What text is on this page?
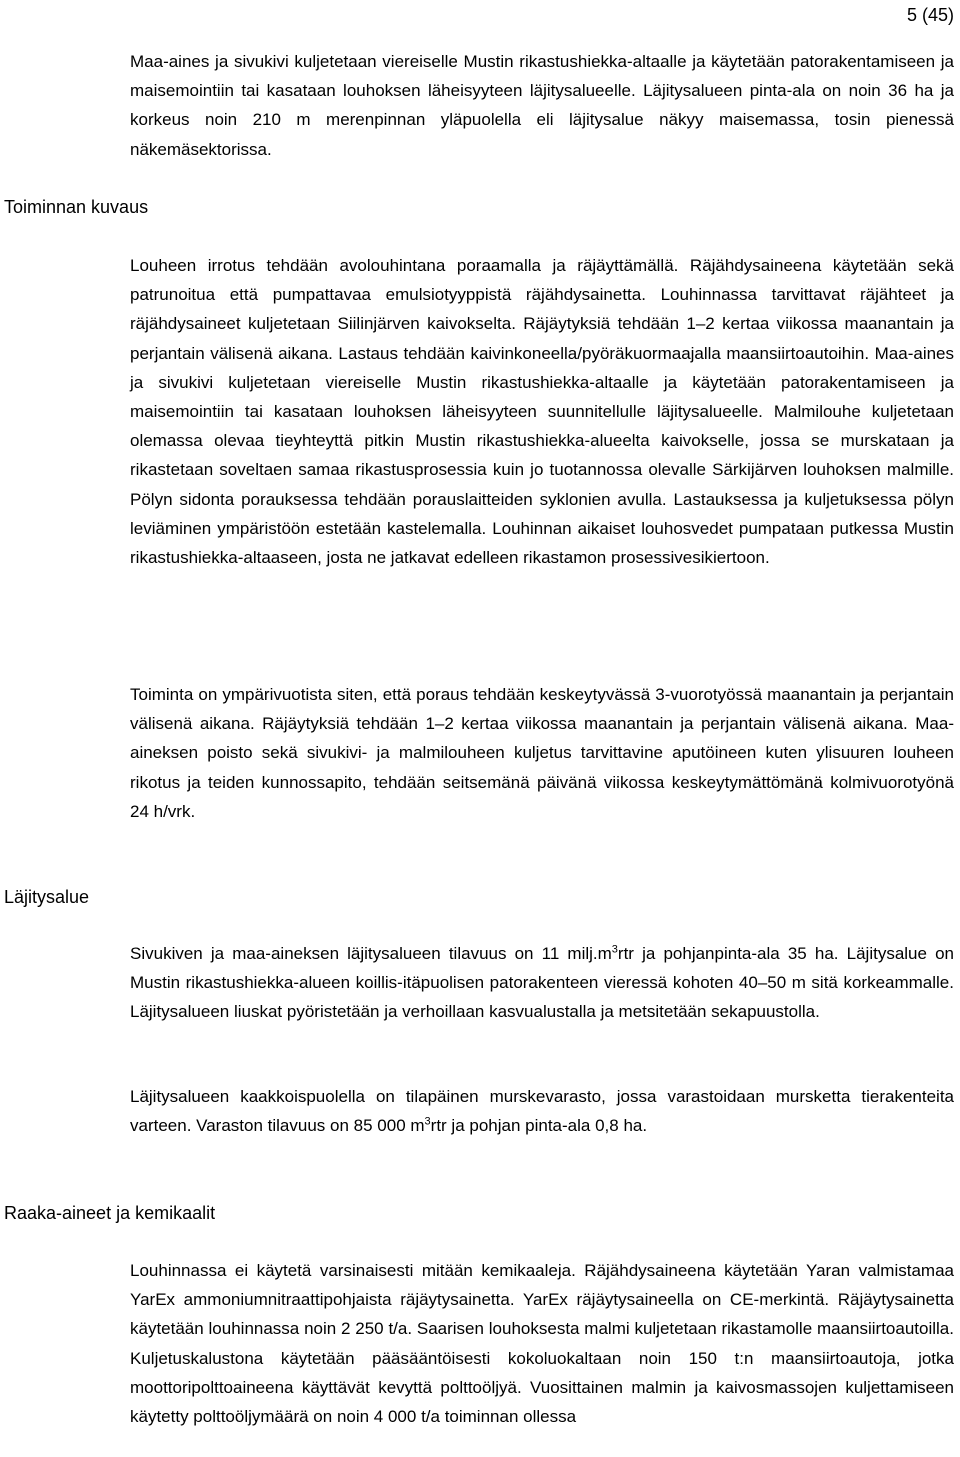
5 (45)
Maa-aines ja sivukivi kuljetetaan viereiselle Mustin rikastushiekka-altaalle ja käytetään patorakentamiseen ja maisemointiin tai kasataan louhoksen läheisyyteen läjitysalueelle. Läjitysalueen pinta-ala on noin 36 ha ja korkeus noin 210 m merenpinnan yläpuolella eli läjitysalue näkyy maisemassa, tosin pienessä näkemäsektorissa.
Toiminnan kuvaus
Louheen irrotus tehdään avolouhintana poraamalla ja räjäyttämällä. Räjähdysaineena käytetään sekä patrunoitua että pumpattavaa emulsiotyyppistä räjähdysainetta. Louhinnassa tarvittavat räjähteet ja räjähdysaineet kuljetetaan Siilinjärven kaivokselta. Räjäytyksiä tehdään 1–2 kertaa viikossa maanantain ja perjantain välisenä aikana. Lastaus tehdään kaivinkoneella/pyöräkuormaajalla maansiirtoautoihin. Maa-aines ja sivukivi kuljetetaan viereiselle Mustin rikastushiekka-altaalle ja käytetään patorakentamiseen ja maisemointiin tai kasataan louhoksen läheisyyteen suunnitellulle läjitysalueelle. Malmilouhe kuljetetaan olemassa olevaa tieyhteyttä pitkin Mustin rikastushiekka-alueelta kaivokselle, jossa se murskataan ja rikastetaan soveltaen samaa rikastusprosessia kuin jo tuotannossa olevalle Särkijärven louhoksen malmille. Pölyn sidonta porauksessa tehdään porauslaitteiden syklonien avulla. Lastauksessa ja kuljetuksessa pölyn leviäminen ympäristöön estetään kastelemalla. Louhinnan aikaiset louhosvedet pumpataan putkessa Mustin rikastushiekka-altaaseen, josta ne jatkavat edelleen rikastamon prosessivesikiertoon.
Toiminta on ympärivuotista siten, että poraus tehdään keskeytyvässä 3-vuorotyössä maanantain ja perjantain välisenä aikana. Räjäytyksiä tehdään 1–2 kertaa viikossa maanantain ja perjantain välisenä aikana. Maa-aineksen poisto sekä sivukivi- ja malmilouheen kuljetus tarvittavine aputöineen kuten ylisuuren louheen rikotus ja teiden kunnossapito, tehdään seitsemänä päivänä viikossa keskeytymättömänä kolmivuorotyönä 24 h/vrk.
Läjitysalue
Sivukiven ja maa-aineksen läjitysalueen tilavuus on 11 $milj.m^3rtr$ ja pohjanpinta-ala 35 ha. Läjitysalue on Mustin rikastushiekka-alueen koillis-itäpuolisen patorakenteen vieressä kohoten 40–50 m sitä korkeammalle. Läjitysalueen liuskat pyöristetään ja verhoillaan kasvualustalla ja metsitetään sekapuustolla.
Läjitysalueen kaakkoispuolella on tilapäinen murskevarasto, jossa varastoidaan mursketta tierakenteita varteen. Varaston tilavuus on 85 000 $m^3rtr$ ja pohjan pinta-ala 0,8 ha.
Raaka-aineet ja kemikaalit
Louhinnassa ei käytetä varsinaisesti mitään kemikaaleja. Räjähdysaineena käytetään Yaran valmistamaa YarEx ammoniumnitraattipohjaista räjäytysainetta. YarEx räjäytysaineella on CE-merkintä. Räjäytysainetta käytetään louhinnassa noin 2 250 t/a. Saarisen louhoksesta malmi kuljetetaan rikastamolle maansiirtoautoilla. Kuljetuskalustona käytetään pääsääntöisesti kokoluokaltaan noin 150 t:n maansiirtoautoja, jotka moottoripolttoaineena käyttävät kevyttä polttoöljyä. Vuosittainen malmin ja kaivosmassojen kuljettamiseen käytetty polttoöljymäärä on noin 4 000 t/a toiminnan ollessa
